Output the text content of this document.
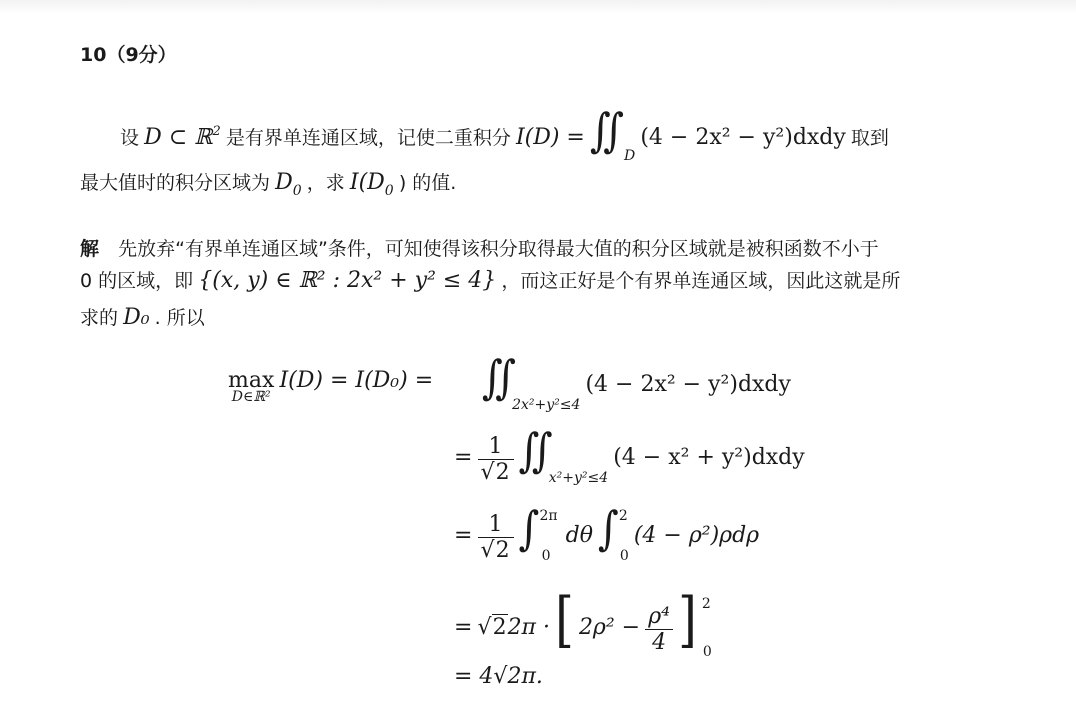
10（9分）
设 D ⊂ ℝ$^2$ 是有界单连通区域，记使二重积分 $I(D) = ∬_D$ (4 − 2x² − y²)dxdy 取到
最大值时的积分区域为 $D_0$ ，求 $I(D_0$ ) 的值.
解 先放弃“有界单连通区域”条件，可知使得该积分取得最大值的积分区域就是被积函数不小于
0 的区域，即 {(x, y) ∈ ℝ² : 2x² + y² ≤ 4} ，而这正好是个有界单连通区域，因此这就是所
求的 D₀ . 所以
max
D∈ℝ²
$I(D) = I(D_0) = ∬_{2x^2+y^2\le 4}$ (4 − 2x² − y²)dxdy
= $\frac{1}{√2}$ $∬_{x^2+y^2\le 4}$ (4 − x² + y²)dxdy
= $\frac{1}{√2} \int^{2\pi}_0$ dθ ∫$^2_0$ (4 − ρ²)ρdρ
= √22π · [ $2\rho^2 - \frac{\text{ρ⁴}}{4}$ ] $^2_0$
= 4√2π.
